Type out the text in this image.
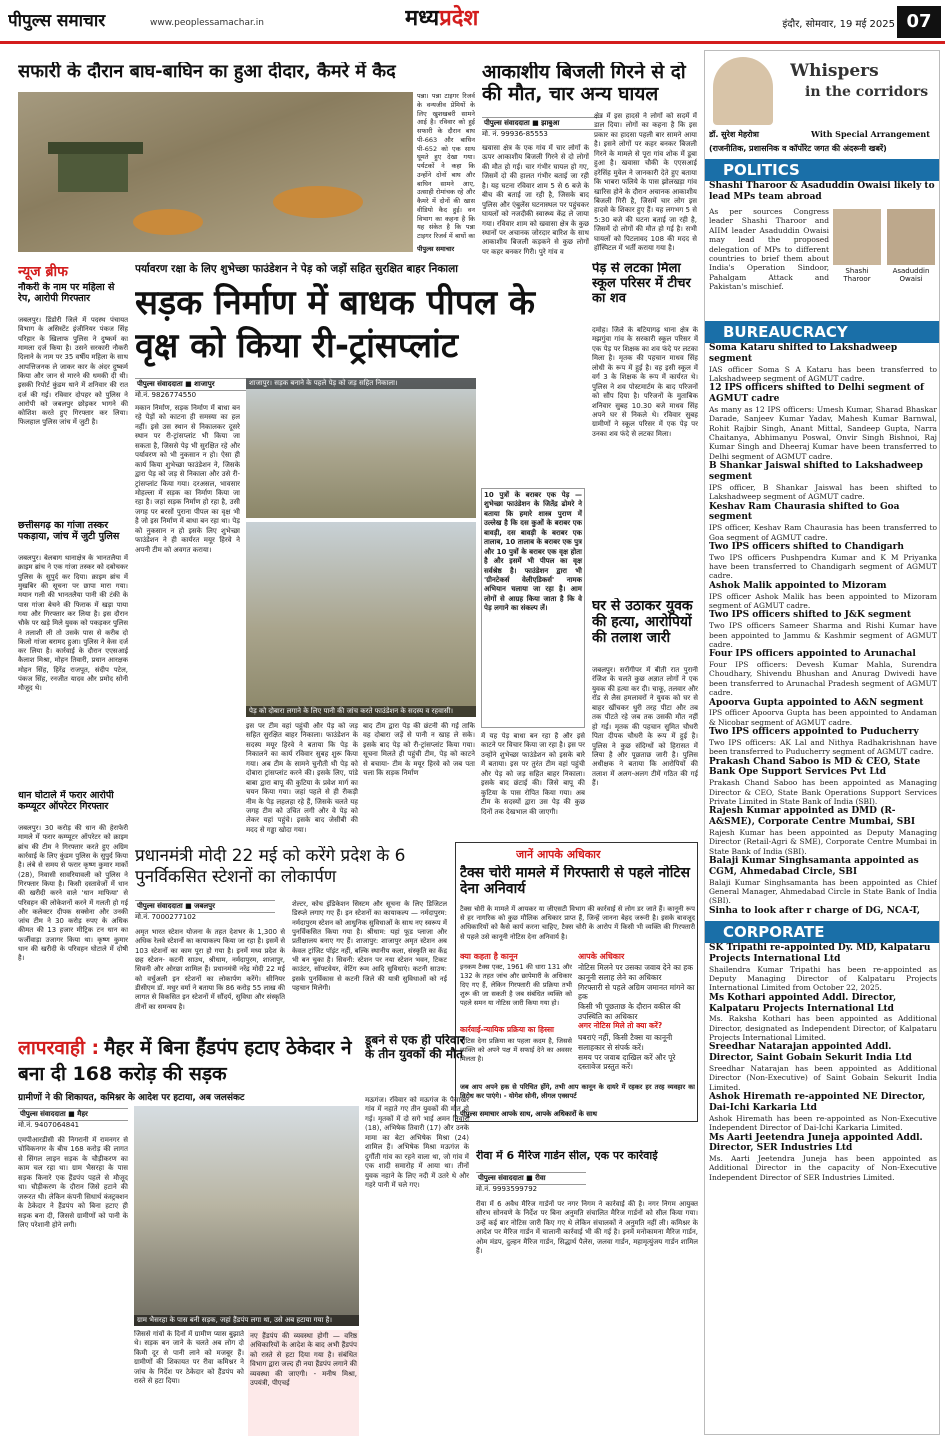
पीपुल्स समाचार	www.peoplessamachar.in	मध्यप्रदेश	इंदौर, सोमवार, 19 मई 2025 07
सफारी के दौरान बाघ-बाघिन का हुआ दीदार, कैमरे में कैद
पन्ना। पन्ना टाइगर रिजर्व के वन्यजीव प्रेमियों के लिए खुशखबरी सामने आई है। रविवार को हुई सफारी के दौरान बाघ पी-663 और बाघिन पी-652 को एक साथ घूमते हुए देखा गया। पर्यटकों ने कहा कि उन्होंने दोनों बाघ और बाघिन सामने आए, उत्साही रोमांचक रहे और कैमरे में दोनों की खास वीडियो कैद हुई। वन विभाग का कहना है कि यह संकेत है कि पन्ना टाइगर रिजर्व में बाघों का
पीपुल्स समाचार
आकाशीय बिजली गिरने से दो की मौत, चार अन्य घायल
पीपुल्स संवाददाता ■ झाबुआ
मो. नं. 99936-85553
खवासा क्षेत्र के एक गांव में चार लोगों के ऊपर आकाशीय बिजली गिरने से दो लोगों की मौत हो गई। चार गंभीर घायल हो गए, जिसमें दो की हालत गंभीर बताई जा रही है। यह घटना रविवार शाम 5 से 6 बजे के बीच की बताई जा रही है, जिसके बाद पुलिस और एंबुलेंस घटनास्थल पर पहुंचकर घायलों को नजदीकी स्वास्थ्य केंद्र ले जाया गया। रविवार शाम को खवासा क्षेत्र के कुछ स्थानों पर अचानक जोरदार बारिश के साथ आकाशीय बिजली कड़कने से कुछ लोगों पर कहर बनकर गिरी। पुरे गांव व
क्षेत्र में इस हादसे ने लोगों को सदमें में डाल दिया। लोगों का कहना है कि इस प्रकार का हादसा पहली बार सामने आया है। इसने लोगों पर कहर बनकर बिजली गिरने के मामले से पूरा गांव शोक में डूबा हुआ है। खवासा चौकी के एएसआई हरेसिंह मुवेल ने जानकारी देते हुए बताया कि भाबरा फलिये के पास झोलखड़ा गांव खारिस होने के दौरान अचानक आकाशीय बिजली गिरी है, जिसमें चार लोग इस हादसे के शिकार हुए हैं। यह लगभग 5 से 5:30 बजे की घटना बताई जा रही है, जिसमें दो लोगों की मौत हो गई है। सभी घायलों को पिटलावद 108 की मदद से हॉस्पिटल में भर्ती कराया गया है।
न्यूज ब्रीफ
नौकरी के नाम पर महिला से रेप, आरोपी गिरफ्तार
जबलपुर। डिंडोरी जिले में पदस्थ पंचायत विभाग के असिस्टेंट इंजीनियर पंकज सिंह परिहार के खिलाफ पुलिस ने दुष्कर्म का मामला दर्ज किया है। उसने सरकारी नौकरी दिलाने के नाम पर 35 वर्षीय महिला के साथ आपत्तिजनक ले जाकर कार के अंदर दुष्कर्म किया और जान से मारने की धमकी दी थी। इसकी रिपोर्ट कुंडम थाने में शनिवार की रात दर्ज की गई। रविवार दोपहर को पुलिस ने आरोपी को जबलपुर छोड़कर भागने की कोशिश करते हुए गिरफ्तार कर लिया। फिलहाल पुलिस जांच में जुटी है।
छत्तीसगढ़ का गांजा तस्कर पकड़ाया, जांच में जुटी पुलिस
जबलपुर। बेलबाग थानाक्षेत्र के भानतलैया में क्राइम ब्रांच ने एक गांजा तस्कर को दबोचकर पुलिस के सुपुर्द कर दिया। क्राइम ब्रांच में मुखबिर की सूचना पर छापा मारा गया। मयान गली की भानतलैया पानी की टंकी के पास गांजा बेचने की फिराक में खड़ा पाया गया और गिरफ्तार कर लिया है। इस दौरान चौके पर खड़े मिले युवक को पकड़कर पुलिस ने तलाशी ली तो उसके पास से करीब दो किलो गांजा बरामद हुआ। पुलिस ने केस दर्ज कर लिया है। कार्रवाई के दौरान एएसआई कैलाश मिश्रा, मोहन तिवारी, प्रधान आरक्षक मोहन सिंह, हिरेंद्र राजपूत, संदीप पटेल, पंकज सिंह, रनजीत यादव और प्रमोद सोनी मौजूद थे।
धान घोटाले में फरार आरोपी कम्प्यूटर ऑपरेटर गिरफ्तार
जबलपुर। 30 करोड़ की धान की हेराफेरी मामले में फरार कम्प्यूटर ऑपरेटर को क्राइम ब्रांच की टीम ने गिरफ्तार करते हुए अग्रिम कार्रवाई के लिए कुंडम पुलिस के सुपुर्द किया है। लंबे से समय से फरार कृष्ण कुमार मार्को (28), निवासी सावरियावली को पुलिस ने गिरफ्तार किया है। किसी दस्तावेजों में धान की खरीदी करने वाले 'धान माफिया' से परिवहन की लोकेशनों करने में गलती हो गई और कलेक्टर दीपक सक्सेना और उनकी जांच टीम ने 30 करोड़ रुपए के अधिक कीमत की 13 हजार मीट्रिक टन धान का फर्जीवाड़ा उजागर किया था। कृष्ण कुमार धान की खरीदी के परिवहन घोटाले में दोषी है।
पर्यावरण रक्षा के लिए शुभेच्छा फाउंडेशन ने पेड़ को जड़ों सहित सुरक्षित बाहर निकाला
सड़क निर्माण में बाधक पीपल के वृक्ष को किया री-ट्रांसप्लांट
पीपुल्स संवाददाता ■ शाजापुर
मो.नं. 9826774550
मकान निर्माण, सड़क निर्माण में बाधा बन रहे पेड़ों को काटना ही समस्या का हल नहीं। इसे उस स्थान से निकालकर दूसरे स्थान पर री-ट्रांसप्लांट भी किया जा सकता है, जिससे पेड़ भी सुरक्षित रहे और पर्यावरण को भी नुकसान न हो। ऐसा ही कार्य किया शुभेच्छा फाउंडेशन ने, जिसके द्वारा पेड़ को जड़ से निकाला और उसे री-ट्रांसप्लांट किया गया। दरअसल, भावसार मोहल्ला में सड़क का निर्माण किया जा रहा है। जहां सड़क निर्माण हो रहा है, उसी जगह पर बरसों पुराना पीपल का वृक्ष भी है जो इस निर्माण में बाधा बन रहा था। पेड़ को नुकसान न हो इसके लिए शुभेच्छा फाउंडेशन ने ही कार्यरत मयूर हिरवे ने अपनी टीम को अवगत कराया।
शाजापुर। सड़क बनाने के पहले पेड़ को जड़ सहित निकाला।
पेड़ को दोबारा लगाने के लिए पानी की जांच करते फाउंडेशन के सदस्य व रहवासी।
इस पर टीम वहां पहुंची और पेड़ को जड़ सहित सुरक्षित बाहर निकाला। फाउंडेशन के सदस्य मयूर हिरवे ने बताया कि पेड़ के निकालने का कार्य रविवार सुबह शुरू किया गया। अब टीम के सामने चुनौती थी पेड़ को दोबारा ट्रांसप्लांट करने की। इसके लिए, पांडे बाबा द्वारा बापू की कुटिया के प्रवेश मार्ग का चयन किया गया। जहां पहले से ही रीकड़ी नीम के पेड़ लहलहा रहे हैं, जिसके चलते यह जगह टीम को उचित लगी और वे पेड़ को लेकर यहां पहुंचे। इसके बाद जेसीबी की मदद से गड्ढा खोदा गया।
बाद टीम द्वारा पेड़ की छंटनी की गई ताकि वह दोबारा जड़ें से पानी न खाह ले सके। इसके बाद पेड़ को री-ट्रांसप्लांट किया गया। सूचना मिलते ही पहुंची टीम, पेड़ को काटने से बचाया- टीम के मयूर हिरवे को जब पता चला कि सड़क निर्माण
10 पुत्रों के बराबर एक पेड़ — शुभेच्छा फाउंडेशन के जितेंद्र ढोमरे ने बताया कि हमारे शास्त्र पुराण में उल्लेख है कि दस कुओं के बराबर एक बावड़ी, दस बावड़ी के बराबर एक तालाब, 10 तालाब के बराबर एक पुत्र और 10 पुत्रों के बराबर एक वृक्ष होता है और इसमें भी पीपल का वृक्ष सर्वश्रेष्ठ है। फाउंडेशन द्वारा भी 'ग्रीनटेकर्स वेलीएडिकर्स' नामक अभियान चलाया जा रहा है। आम लोगों से आग्रह किया जाता है कि वे पेड़ लगाने का संकल्प लें।
में यह पेड़ बाधा बन रहा है और इसे काटने पर विचार किया जा रहा है। इस पर उन्होंने शुभेच्छा फाउंडेशन को इसके बारे में बताया। इस पर तुरंत टीम वहां पहुंची और पेड़ को जड़ सहित बाहर निकाला। इसके बाद छंटाई की। जिसे बापू की कुटिया के पास रोपित किया गया। अब टीम के सदस्यों द्वारा उस पेड़ की कुछ दिनों तक देखभाल की जाएगी।
पेड़ से लटका मिला स्कूल परिसर में टीचर का शव
दमोह। जिले के बटियागढ़ थाना क्षेत्र के मझगुंवा गांव के सरकारी स्कूल परिसर में एक पेड़ पर शिक्षक का शव फंदे पर लटका मिला है। मृतक की पहचान माधव सिंह लोधी के रूप में हुई है। वह इसी स्कूल में वर्ग 3 के शिक्षक के रूप में कार्यरत थे। पुलिस ने शव पोस्टमार्टम के बाद परिजनों को सौंप दिया है। परिजनों के मुताबिक शनिवार सुबह 10.30 बजे माधव सिंह अपने घर से निकले थे। रविवार सुबह ग्रामीणों ने स्कूल परिसर में एक पेड़ पर उनका शव फंदे से लटका मिला।
घर से उठाकर युवक की हत्या, आरोपियों की तलाश जारी
जबलपुर। सरोंगीपर में बीती रात पुरानी रंजिश के चलते कुछ अज्ञात लोगों ने एक युवक की हत्या कर दी। चाकू, तलवार और रॉड से लैस हमलावरों ने युवक को घर से बाहर खींचकर धुरी तरह पीटा और तब तक पीटते रहे जब तक उसकी मौत नहीं हो गई। मृतक की पहचान सुमित चौधरी पिता दीपक चौधरी के रूप में हुई है। पुलिस ने कुछ संदिग्धों को हिरासत में लिया है और पूछताछ जारी है। पुलिस अधीक्षक ने बताया कि आरोपियों की तलाश में अलग-अलग टीमें गठित की गई हैं।
प्रधानमंत्री मोदी 22 मई को करेंगे प्रदेश के 6 पुनर्विकसित स्टेशनों का लोकार्पण
पीपुल्स संवाददाता ■ जबलपुर
मो.नं. 7000277102
अमृत भारत स्टेशन योजना के तहत देशभर के 1,300 से अधिक रेलवे स्टेशनों का कायाकल्प किया जा रहा है। इसमें से 103 स्टेशनों का काम पूरा हो गया है। इनमें मध्य प्रदेश के छह स्टेशन- कटनी साउथ, श्रीधाम, नर्मदापुरम, शाजापुर, सिवनी और ओरछा शामिल हैं। प्रधानमंत्री नरेंद्र मोदी 22 मई को वर्चुअली इन स्टेशनों का लोकार्पण करेंगे। सीनियर डीसीएम डॉ. मधुर वर्मा ने बताया कि 86 करोड़ 55 लाख की लागत से विकसित इन स्टेशनों में सौंदर्य, सुविधा और संस्कृति तीनों का समन्वय है।
शेल्टर, कोच इंडिकेशन सिस्टम और सूचना के लिए डिजिटल डिस्प्ले लगाए गए हैं। इन स्टेशनों का कायाकल्प — नर्मदापुरम: नर्मदापुरम स्टेशन को आधुनिक सुविधाओं के साथ नए स्वरूप में पुनर्विकसित किया गया है। श्रीधाम: यहां फूड प्लाजा और प्रतीक्षालय बनाए गए हैं। शाजापुर: शाजापुर अमृत स्टेशन अब केवल ट्रांजिट पॉइंट नहीं, बल्कि स्थानीय कला, संस्कृति का केंद्र भी बन चुका है। सिवनी: स्टेशन पर नया स्टेशन भवन, टिकट काउंटर, सॉफ्टवेयर, वेटिंग रूम आदि सुविधाएं। कटनी साउथ: इसके पुनर्विकास से कटनी जिले की यात्री सुविधाओं को नई पहचान मिलेगी।
जानें आपके अधिकार
टैक्स चोरी मामले में गिरफ्तारी से पहले नोटिस देना अनिवार्य
टैक्स चोरी के मामले में आयकर या जीएसटी विभाग की कार्रवाई से लोग डर जाते हैं। कानूनी रूप से हर नागरिक को कुछ मौलिक अधिकार प्राप्त हैं, जिन्हें जानना बेहद जरूरी है। इसके बावजूद अधिकारियों को कैसे कार्य करना चाहिए, टैक्स चोरी के आरोप में किसी भी व्यक्ति की गिरफ्तारी से पहले उसे कानूनी नोटिस देना अनिवार्य है।
क्या कहता है कानून
इनकम टैक्स एक्ट, 1961 की धारा 131 और 132 के तहत जांच और छापेमारी के अधिकार दिए गए हैं, लेकिन गिरफ्तारी की प्रक्रिया तभी शुरू की जा सकती है जब संबंधित व्यक्ति को पहले समन या नोटिस जारी किया गया हो।
कार्रवाई-न्यायिक प्रक्रिया का हिस्सा
नोटिस देना प्रक्रिया का पहला कदम है, जिससे व्यक्ति को अपने पक्ष में सफाई देने का अवसर मिलता है।
आपके अधिकार
नोटिस मिलने पर उसका जवाब देने का हक
कानूनी सलाह लेने का अधिकार
गिरफ्तारी से पहले अग्रिम जमानत मांगने का हक
किसी भी पूछताछ के दौरान वकील की उपस्थिति का अधिकार
अगर नोटिस मिले तो क्या करें?
घबराएं नहीं, किसी टैक्स या कानूनी सलाहकार से संपर्क करें।
समय पर जवाब दाखिल करें और पूरे दस्तावेज प्रस्तुत करें।
जब आप अपने हक से परिचित होंगे, तभी आप कानून के दायरे में रहकर हर तरह व्यवहार का विरोध कर पाएंगे। - योगेश सोनी, लीगल एक्सपर्ट
पीपुल्स समाचार आपके साथ, आपके अधिकारों के साथ
लापरवाही : मैहर में बिना हैंडपंप हटाए ठेकेदार ने बना दी 168 करोड़ की सड़क
ग्रामीणों ने की शिकायत, कमिश्नर के आदेश पर हटाया, अब जलसंकट
पीपुल्स संवाददाता ■ मैहर
मो.नं. 9407064841
एमपीआरडीसी की निगरानी में रामनगर से चोविकनगर के बीच 168 करोड़ की लागत से सिंगल लाइन सड़क के चौड़ीकरण का काम चल रहा था। ग्राम भैसरहा के पास सड़क किनारे एक हैंडपंप पहले से मौजूद था। चौड़ीकरण के दौरान जिसे हटाने की जरूरत थी। लेकिन कंपनी सिधार्थ कंस्ट्रक्शन के ठेकेदार ने हैंडपंप को बिना हटाए ही सड़क बना दी, जिससे ग्रामीणों को पानी के लिए परेशानी होने लगी।
ग्राम भैसरहा के पास बनी सड़क, जहां हैंडपंप लगा था, उसे अब हटाया गया है।
जिससे गांवों के दिनों में ग्रामीण प्यास बुझाते थे। सड़क बन जाने के चलते अब लोग दो किमी दूर से पानी लाने को मजबूर हैं। ग्रामीणों की शिकायत पर रीवा कमिश्नर ने जांच के निर्देश पर ठेकेदार को हैंडपंप को रास्ते से हटा दिया।
नए हैंडपंप की व्यवस्था होगी — वरिष्ठ अधिकारियों के आदेश के बाद अभी हैंडपंप को रास्ते से हटा दिया गया है। संबंधित विभाग द्वारा जल्द ही नया हैंडपंप लगाने की व्यवस्था की जाएगी। - मनीष मिश्रा, उपयंत्री, पीएचई
डूबने से एक ही परिवार के तीन युवकों की मौत
मऊगंज। रविवार को मऊगंज के पैसाखर गांव में नहाते गए तीन युवकों की मौत हो गई। मृतकों में दो सगे भाई अमन तिवारी (18), अभिषेक तिवारी (17) और उनके मामा का बेटा अभिषेक मिश्रा (24) शामिल हैं। अभिषेक मिश्रा मऊगंज के दुर्गौती गांव का रहने वाला था, जो गांव में एक शादी समारोह में आया था। तीनों युवक नहाने के लिए नदी में उतरे थे और गहरे पानी में चले गए।
रीवा में 6 मैरिज गार्डन सील, एक पर कार्रवाई
पीपुल्स संवाददाता ■ रीवा
मो.नं. 9993599792
रीवा में 6 अवैध मैरिज गार्डनों पर नगर निगम ने कार्रवाई की है। नगर निगम आयुक्त सौरभ सोनवणे के निर्देश पर बिना अनुमति संचालित मैरिज गार्डनों को सील किया गया। उन्हें कई बार नोटिस जारी किए गए थे लेकिन संचालकों ने अनुमति नहीं ली। कमिश्नर के आदेश पर मैरिज गार्डन में चालानी कार्रवाई भी की गई है। इनमें मनोकामना मैरिज गार्डन, ओम मंडप, दुल्हन मैरिज गार्डन, सिद्धार्थ पैलेस, जलवा गार्डन, महामृत्युंजय गार्डन शामिल हैं।
Whispers
in the corridors
डॉ. सुरेश मेहरोत्रा	With Special Arrangement
(राजनीतिक, प्रशासनिक व कॉर्पोरेट जगत की अंदरूनी खबरें)
POLITICS
Shashi Tharoor & Asaduddin Owaisi likely to lead MPs team abroad
As per sources Congress leader Shashi Tharoor and AIIM leader Asaduddin Owaisi may lead the proposed delegation of MPs to different countries to brief them about India's Operation Sindoor, Pahalgam Attack and Pakistan's mischief.
Shashi Tharoor
Asaduddin Owaisi
BUREAUCRACY
Soma Kataru shifted to Lakshadweep segment
IAS officer Soma S A Kataru has been transferred to Lakshadweep segment of AGMUT cadre.
12 IPS officers shifted to Delhi segment of AGMUT cadre
As many as 12 IPS officers: Umesh Kumar, Sharad Bhaskar Darade, Sanjeev Kumar Yadav, Mahesh Kumar Barnwal, Rohit Rajbir Singh, Anant Mittal, Sandeep Gupta, Narra Chaitanya, Abhimanyu Poswal, Onvir Singh Bishnoi, Raj Kumar Singh and Dheeraj Kumar have been transferred to Delhi segment of AGMUT cadre.
B Shankar Jaiswal shifted to Lakshadweep segment
IPS officer, B Shankar Jaiswal has been shifted to Lakshadweep segment of AGMUT cadre.
Keshav Ram Chaurasia shifted to Goa segment
IPS officer, Keshav Ram Chaurasia has been transferred to Goa segment of AGMUT cadre.
Two IPS officers shifted to Chandigarh
Two IPS officers Pushpendra Kumar and K M Priyanka have been transferred to Chandigarh segment of AGMUT cadre.
Ashok Malik appointed to Mizoram
IPS officer Ashok Malik has been appointed to Mizoram segment of AGMUT cadre.
Two IPS officers shifted to J&K segment
Two IPS officers Sameer Sharma and Rishi Kumar have been appointed to Jammu & Kashmir segment of AGMUT cadre.
Four IPS officers appointed to Arunachal
Four IPS officers: Devesh Kumar Mahla, Surendra Choudhary, Shivendu Bhushan and Anurag Dwivedi have been transferred to Arunachal Pradesh segment of AGMUT cadre.
Apoorva Gupta appointed to A&N segment
IPS officer Apoorva Gupta has been appointed to Andaman & Nicobar segment of AGMUT cadre.
Two IPS officers appointed to Puducherry
Two IPS officers: AK Lal and Nithya Radhakrishnan have been transferred to Puducherry segment of AGMUT cadre.
Prakash Chand Saboo is MD & CEO, State Bank Ope Support Services Pvt Ltd
Prakash Chand Saboo has been appointed as Managing Director & CEO, State Bank Operations Support Services Private Limited in State Bank of India (SBI).
Rajesh Kumar appointed as DMD (R-A&SME), Corporate Centre Mumbai, SBI
Rajesh Kumar has been appointed as Deputy Managing Director (Retail-Agri & SME), Corporate Centre Mumbai in State Bank of India (SBI).
Balaji Kumar Singhsamanta appointed as CGM, Ahmedabad Circle, SBI
Balaji Kumar Singhsamanta has been appointed as Chief General Manager, Ahmedabad Circle in State Bank of India (SBI).
Sinha to look after r charge of DG, NCA-T,
CORPORATE
SK Tripathi re-appointed Dy. MD, Kalpataru Projects International Ltd
Shailendra Kumar Tripathi has been re-appointed as Deputy Managing Director of Kalpataru Projects International Limited from October 22, 2025.
Ms Kothari appointed Addl. Director, Kalpataru Projects International Ltd
Ms. Raksha Kothari has been appointed as Additional Director, designated as Independent Director, of Kalpataru Projects International Limited.
Sreedhar Natarajan appointed Addl. Director, Saint Gobain Sekurit India Ltd
Sreedhar Natarajan has been appointed as Additional Director (Non-Executive) of Saint Gobain Sekurit India Limited.
Ashok Hiremath re-appointed NE Director, Dai-Ichi Karkaria Ltd
Ashok Hiremath has been re-appointed as Non-Executive Independent Director of Dai-Ichi Karkaria Limited.
Ms Aarti Jeetendra Juneja appointed Addl. Director, SER Industries Ltd
Ms. Aarti Jeetendra Juneja has been appointed as Additional Director in the capacity of Non-Executive Independent Director of SER Industries Limited.
